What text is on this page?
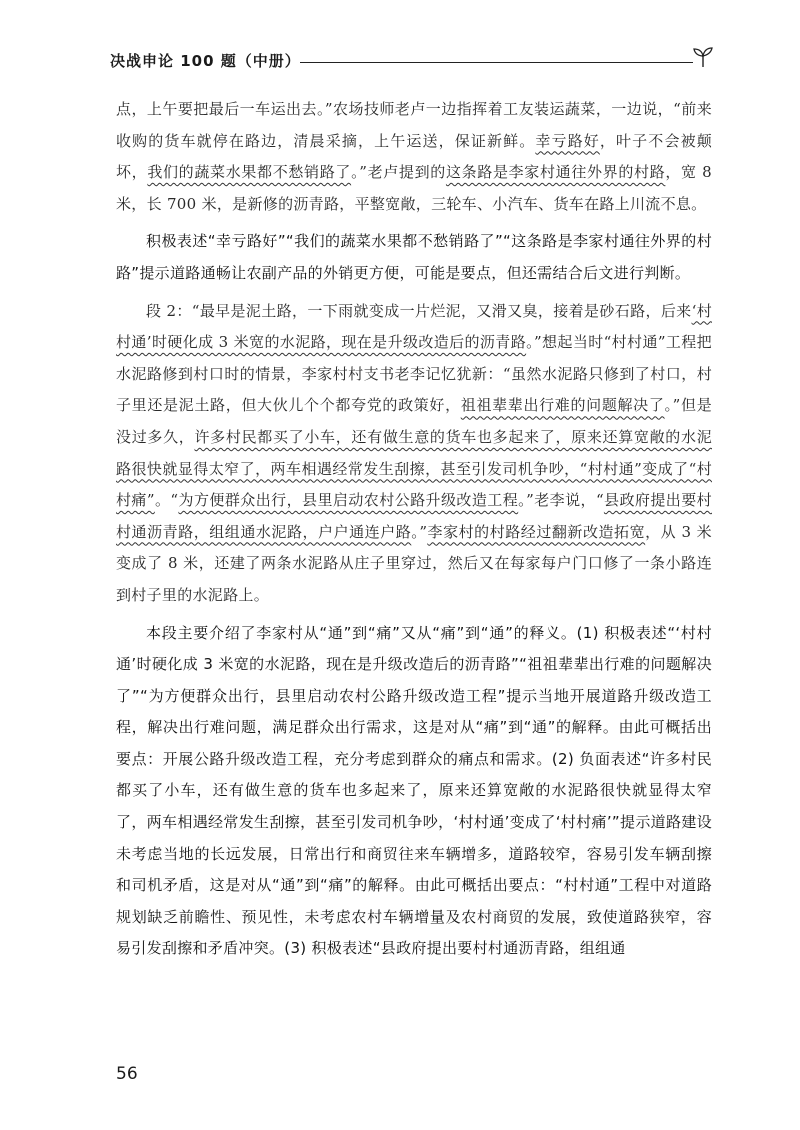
决战申论 100 题（中册）

点，上午要把最后一车运出去。”农场技师老卢一边指挥着工友装运蔬菜，一边说，“前来收购的货车就停在路边，清晨采摘，上午运送，保证新鲜。幸亏路好，叶子不会被颠坏，我们的蔬菜水果都不愁销路了。”老卢提到的这条路是李家村通往外界的村路，宽 8 米，长 700 米，是新修的沥青路，平整宽敞，三轮车、小汽车、货车在路上川流不息。

积极表述“幸亏路好”“我们的蔬菜水果都不愁销路了”“这条路是李家村通往外界的村路”提示道路通畅让农副产品的外销更方便，可能是要点，但还需结合后文进行判断。

段 2：“最早是泥土路，一下雨就变成一片烂泥，又滑又臭，接着是砂石路，后来‘村村通’时硬化成 3 米宽的水泥路，现在是升级改造后的沥青路。”想起当时“村村通”工程把水泥路修到村口时的情景，李家村村支书老李记忆犹新：“虽然水泥路只修到了村口，村子里还是泥土路，但大伙儿个个都夸党的政策好，祖祖辈辈出行难的问题解决了。”但是没过多久，许多村民都买了小车，还有做生意的货车也多起来了，原来还算宽敞的水泥路很快就显得太窄了，两车相遇经常发生刮擦，甚至引发司机争吵，“村村通”变成了“村村痛”。“为方便群众出行，县里启动农村公路升级改造工程。”老李说，“县政府提出要村村通沥青路，组组通水泥路，户户通连户路。”李家村的村路经过翻新改造拓宽，从 3 米变成了 8 米，还建了两条水泥路从庄子里穿过，然后又在每家每户门口修了一条小路连到村子里的水泥路上。

本段主要介绍了李家村从“通”到“痛”又从“痛”到“通”的释义。(1) 积极表述“‘村村通’时硬化成 3 米宽的水泥路，现在是升级改造后的沥青路”“祖祖辈辈出行难的问题解决了”“为方便群众出行，县里启动农村公路升级改造工程”提示当地开展道路升级改造工程，解决出行难问题，满足群众出行需求，这是对从“痛”到“通”的解释。由此可概括出要点：开展公路升级改造工程，充分考虑到群众的痛点和需求。(2) 负面表述“许多村民都买了小车，还有做生意的货车也多起来了，原来还算宽敞的水泥路很快就显得太窄了，两车相遇经常发生刮擦，甚至引发司机争吵，‘村村通’变成了‘村村痛’”提示道路建设未考虑当地的长远发展，日常出行和商贸往来车辆增多，道路较窄，容易引发车辆刮擦和司机矛盾，这是对从“通”到“痛”的解释。由此可概括出要点：“村村通”工程中对道路规划缺乏前瞻性、预见性，未考虑农村车辆增量及农村商贸的发展，致使道路狭窄，容易引发刮擦和矛盾冲突。(3) 积极表述“县政府提出要村村通沥青路，组组通

56
